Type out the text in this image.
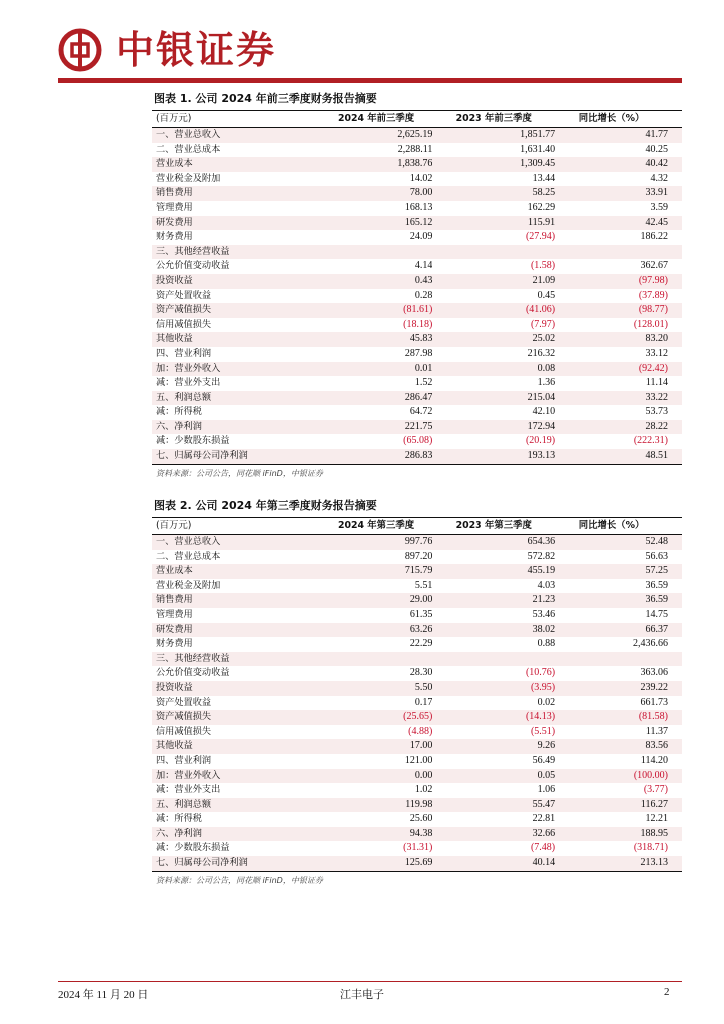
中银证券
图表 1. 公司 2024 年前三季度财务报告摘要
(百万元)	2024 年前三季度	2023 年前三季度	同比增长（%）
一、营业总收入	2,625.19	1,851.77	41.77
二、营业总成本	2,288.11	1,631.40	40.25
营业成本	1,838.76	1,309.45	40.42
营业税金及附加	14.02	13.44	4.32
销售费用	78.00	58.25	33.91
管理费用	168.13	162.29	3.59
研发费用	165.12	115.91	42.45
财务费用	24.09	(27.94)	186.22
三、其他经营收益			
公允价值变动收益	4.14	(1.58)	362.67
投资收益	0.43	21.09	(97.98)
资产处置收益	0.28	0.45	(37.89)
资产减值损失	(81.61)	(41.06)	(98.77)
信用减值损失	(18.18)	(7.97)	(128.01)
其他收益	45.83	25.02	83.20
四、营业利润	287.98	216.32	33.12
加：营业外收入	0.01	0.08	(92.42)
减：营业外支出	1.52	1.36	11.14
五、利润总额	286.47	215.04	33.22
减：所得税	64.72	42.10	53.73
六、净利润	221.75	172.94	28.22
减：少数股东损益	(65.08)	(20.19)	(222.31)
七、归属母公司净利润	286.83	193.13	48.51
资料来源：公司公告，同花顺 iFinD，中银证券
图表 2. 公司 2024 年第三季度财务报告摘要
(百万元)	2024 年第三季度	2023 年第三季度	同比增长（%）
一、营业总收入	997.76	654.36	52.48
二、营业总成本	897.20	572.82	56.63
营业成本	715.79	455.19	57.25
营业税金及附加	5.51	4.03	36.59
销售费用	29.00	21.23	36.59
管理费用	61.35	53.46	14.75
研发费用	63.26	38.02	66.37
财务费用	22.29	0.88	2,436.66
三、其他经营收益			
公允价值变动收益	28.30	(10.76)	363.06
投资收益	5.50	(3.95)	239.22
资产处置收益	0.17	0.02	661.73
资产减值损失	(25.65)	(14.13)	(81.58)
信用减值损失	(4.88)	(5.51)	11.37
其他收益	17.00	9.26	83.56
四、营业利润	121.00	56.49	114.20
加：营业外收入	0.00	0.05	(100.00)
减：营业外支出	1.02	1.06	(3.77)
五、利润总额	119.98	55.47	116.27
减：所得税	25.60	22.81	12.21
六、净利润	94.38	32.66	188.95
减：少数股东损益	(31.31)	(7.48)	(318.71)
七、归属母公司净利润	125.69	40.14	213.13
资料来源：公司公告，同花顺 iFinD，中银证券
2024 年 11 月 20 日	江丰电子	2
